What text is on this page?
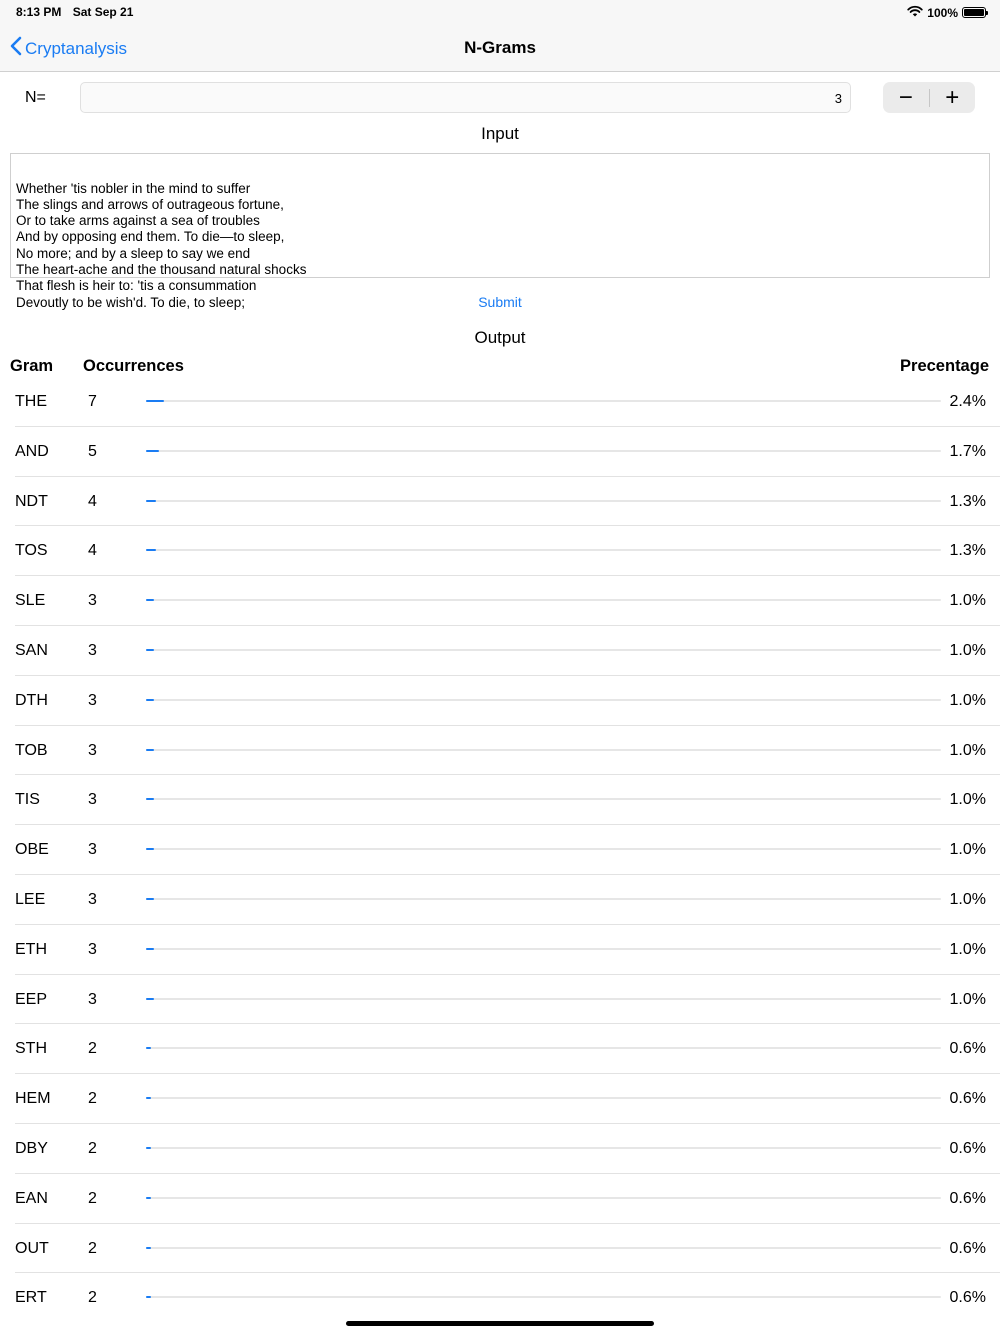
8:13 PM Sat Sep 21	100%
Cryptanalysis	N-Grams
N=	3	−	+
Input

Whether 'tis nobler in the mind to suffer
The slings and arrows of outrageous fortune,
Or to take arms against a sea of troubles
And by opposing end them. To die—to sleep,
No more; and by a sleep to say we end
The heart-ache and the thousand natural shocks
That flesh is heir to: 'tis a consummation
Devoutly to be wish'd. To die, to sleep;	Submit
Output
Gram Occurrences	Precentage
THE	7	2.4%
AND 5	1.7%
NDT	4	1.3%
TOS	4	1.3%
SLE	3	1.0%
SAN	3	1.0%
DTH	3	1.0%
TOB	3	1.0%
TIS	3	1.0%
OBE 3	1.0%
LEE	3	1.0%
ETH	3	1.0%
EEP	3	1.0%
STH	2	0.6%
HEM 2	0.6%
DBY	2	0.6%
EAN	2	0.6%
OUT 2	0.6%
ERT	2	0.6%
